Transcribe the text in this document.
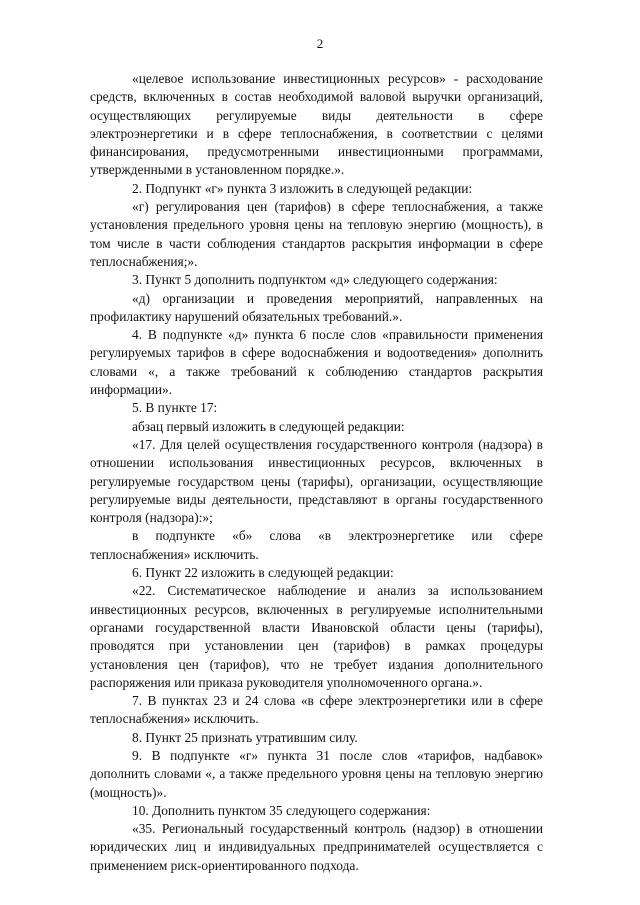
2

«целевое использование инвестиционных ресурсов» - расходование средств, включенных в состав необходимой валовой выручки организаций, осуществляющих регулируемые виды деятельности в сфере электроэнергетики и в сфере теплоснабжения, в соответствии с целями финансирования, предусмотренными инвестиционными программами, утвержденными в установленном порядке.».

2. Подпункт «г» пункта 3 изложить в следующей редакции:

«г) регулирования цен (тарифов) в сфере теплоснабжения, а также установления предельного уровня цены на тепловую энергию (мощность), в том числе в части соблюдения стандартов раскрытия информации в сфере теплоснабжения;».

3. Пункт 5 дополнить подпунктом «д» следующего содержания:

«д) организации и проведения мероприятий, направленных на профилактику нарушений обязательных требований.».

4. В подпункте «д» пункта 6 после слов «правильности применения регулируемых тарифов в сфере водоснабжения и водоотведения» дополнить словами «, а также требований к соблюдению стандартов раскрытия информации».

5. В пункте 17:

абзац первый изложить в следующей редакции:

«17. Для целей осуществления государственного контроля (надзора) в отношении использования инвестиционных ресурсов, включенных в регулируемые государством цены (тарифы), организации, осуществляющие регулируемые виды деятельности, представляют в органы государственного контроля (надзора):»;

в подпункте «б» слова «в электроэнергетике или сфере теплоснабжения» исключить.

6. Пункт 22 изложить в следующей редакции:

«22. Систематическое наблюдение и анализ за использованием инвестиционных ресурсов, включенных в регулируемые исполнительными органами государственной власти Ивановской области цены (тарифы), проводятся при установлении цен (тарифов) в рамках процедуры установления цен (тарифов), что не требует издания дополнительного распоряжения или приказа руководителя уполномоченного органа.».

7. В пунктах 23 и 24 слова «в сфере электроэнергетики или в сфере теплоснабжения» исключить.

8. Пункт 25 признать утратившим силу.

9. В подпункте «г» пункта 31 после слов «тарифов, надбавок» дополнить словами «, а также предельного уровня цены на тепловую энергию (мощность)».

10. Дополнить пунктом 35 следующего содержания:

«35. Региональный государственный контроль (надзор) в отношении юридических лиц и индивидуальных предпринимателей осуществляется с применением риск-ориентированного подхода.
